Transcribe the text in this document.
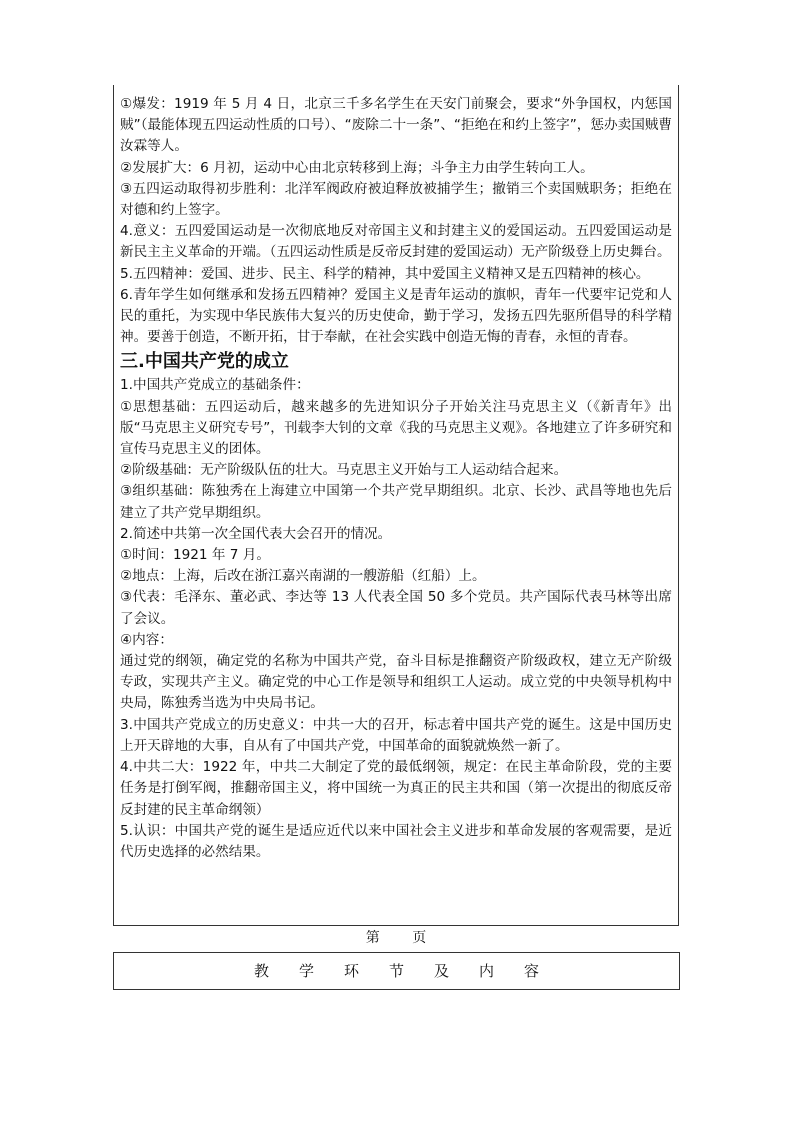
①爆发：1919 年 5 月 4 日，北京三千多名学生在天安门前聚会，要求“外争国权，内惩国贼”（最能体现五四运动性质的口号）、“废除二十一条”、“拒绝在和约上签字”，惩办卖国贼曹汝霖等人。

②发展扩大：6 月初，运动中心由北京转移到上海；斗争主力由学生转向工人。

③五四运动取得初步胜利：北洋军阀政府被迫释放被捕学生；撤销三个卖国贼职务；拒绝在对德和约上签字。

4.意义：五四爱国运动是一次彻底地反对帝国主义和封建主义的爱国运动。五四爱国运动是新民主主义革命的开端。（五四运动性质是反帝反封建的爱国运动）无产阶级登上历史舞台。

5.五四精神：爱国、进步、民主、科学的精神，其中爱国主义精神又是五四精神的核心。

6.青年学生如何继承和发扬五四精神？爱国主义是青年运动的旗帜，青年一代要牢记党和人民的重托，为实现中华民族伟大复兴的历史使命，勤于学习，发扬五四先驱所倡导的科学精神。要善于创造，不断开拓，甘于奉献，在社会实践中创造无悔的青春，永恒的青春。

三.中国共产党的成立

1.中国共产党成立的基础条件：

①思想基础：五四运动后，越来越多的先进知识分子开始关注马克思主义（《新青年》出版“马克思主义研究专号”，刊载李大钊的文章《我的马克思主义观》。各地建立了许多研究和宣传马克思主义的团体。

②阶级基础：无产阶级队伍的壮大。马克思主义开始与工人运动结合起来。

③组织基础：陈独秀在上海建立中国第一个共产党早期组织。北京、长沙、武昌等地也先后建立了共产党早期组织。

2.简述中共第一次全国代表大会召开的情况。

①时间：1921 年 7 月。

②地点：上海，后改在浙江嘉兴南湖的一艘游船（红船）上。

③代表：毛泽东、董必武、李达等 13 人代表全国 50 多个党员。共产国际代表马林等出席了会议。

④内容：

通过党的纲领，确定党的名称为中国共产党，奋斗目标是推翻资产阶级政权，建立无产阶级专政，实现共产主义。确定党的中心工作是领导和组织工人运动。成立党的中央领导机构中央局，陈独秀当选为中央局书记。

3.中国共产党成立的历史意义：中共一大的召开，标志着中国共产党的诞生。这是中国历史上开天辟地的大事，自从有了中国共产党，中国革命的面貌就焕然一新了。

4.中共二大：1922 年，中共二大制定了党的最低纲领，规定：在民主革命阶段，党的主要任务是打倒军阀，推翻帝国主义，将中国统一为真正的民主共和国（第一次提出的彻底反帝反封建的民主革命纲领）

5.认识：中国共产党的诞生是适应近代以来中国社会主义进步和革命发展的客观需要，是近代历史选择的必然结果。

第 页
教学环节及内容
